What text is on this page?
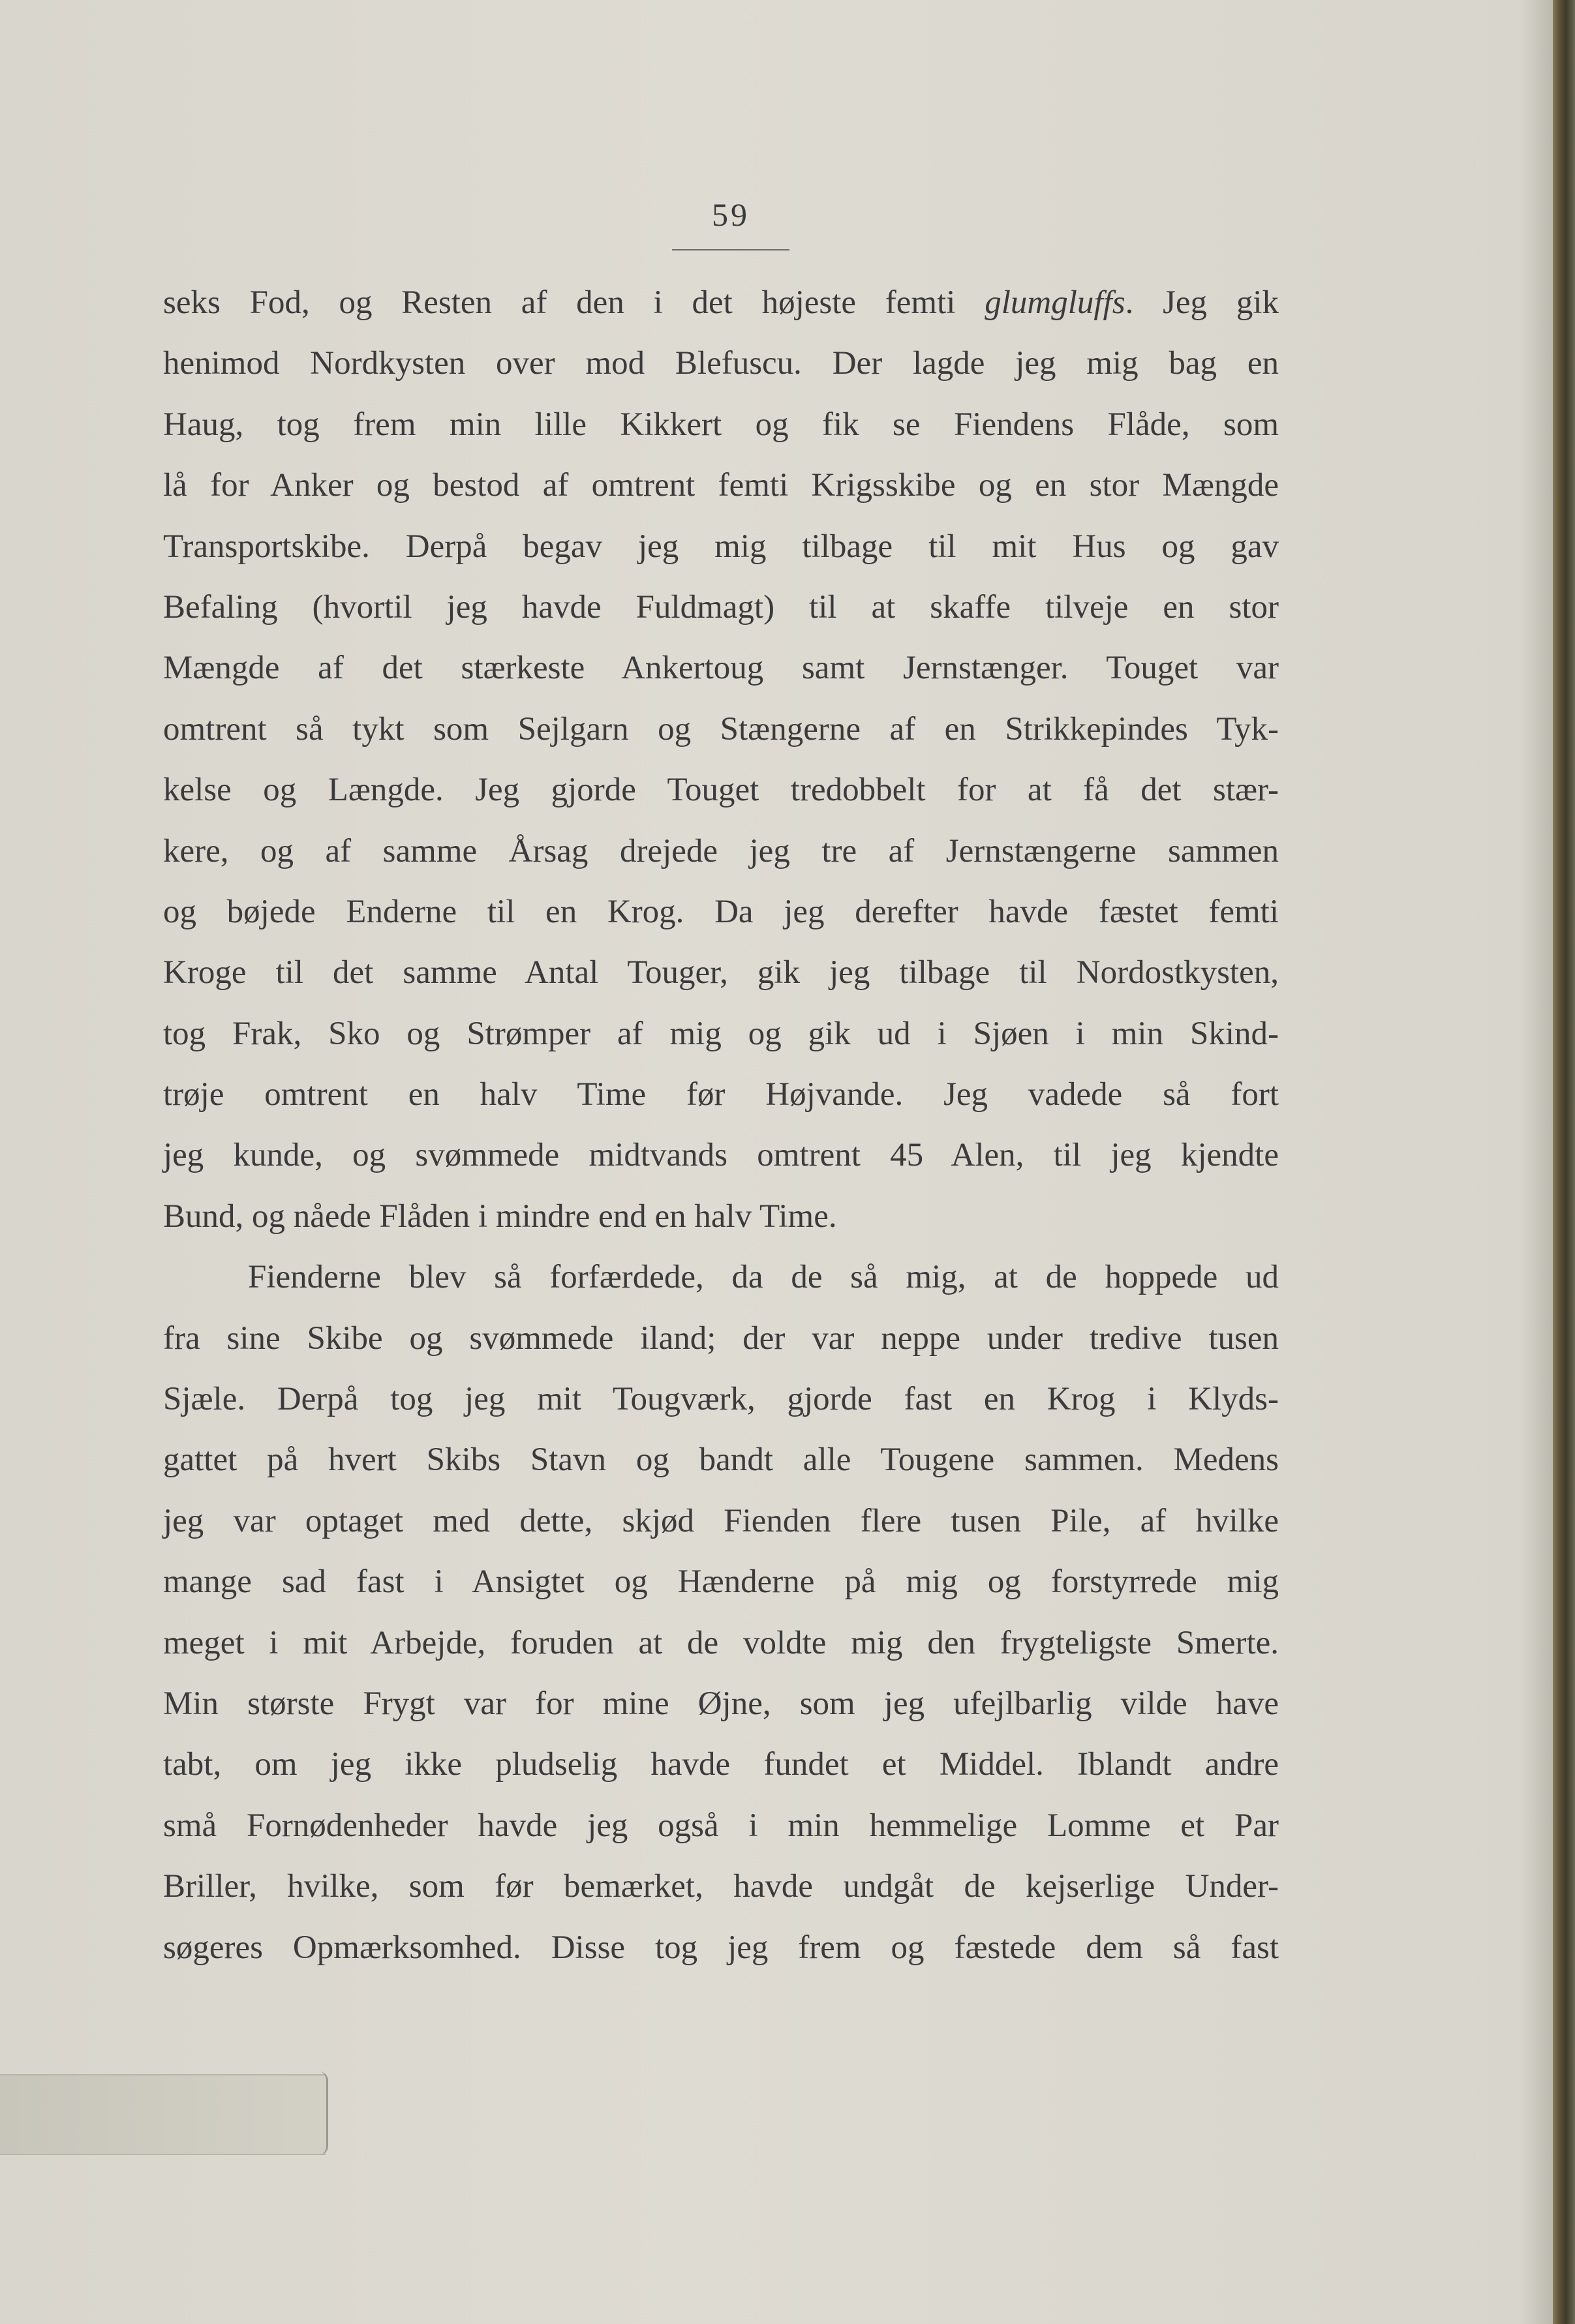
59
seks Fod, og Resten af den i det højeste femti glumgluffs. Jeg gik
henimod Nordkysten over mod Blefuscu. Der lagde jeg mig bag en
Haug, tog frem min lille Kikkert og fik se Fiendens Flåde, som
lå for Anker og bestod af omtrent femti Krigsskibe og en stor Mængde
Transportskibe. Derpå begav jeg mig tilbage til mit Hus og gav
Befaling (hvortil jeg havde Fuldmagt) til at skaffe tilveje en stor
Mængde af det stærkeste Ankertoug samt Jernstænger. Touget var
omtrent så tykt som Sejlgarn og Stængerne af en Strikkepindes Tyk-
kelse og Længde. Jeg gjorde Touget tredobbelt for at få det stær-
kere, og af samme Årsag drejede jeg tre af Jernstængerne sammen
og bøjede Enderne til en Krog. Da jeg derefter havde fæstet femti
Kroge til det samme Antal Touger, gik jeg tilbage til Nordostkysten,
tog Frak, Sko og Strømper af mig og gik ud i Sjøen i min Skind-
trøje omtrent en halv Time før Højvande. Jeg vadede så fort
jeg kunde, og svømmede midtvands omtrent 45 Alen, til jeg kjendte
Bund, og nåede Flåden i mindre end en halv Time.
Fienderne blev så forfærdede, da de så mig, at de hoppede ud
fra sine Skibe og svømmede iland; der var neppe under tredive tusen
Sjæle. Derpå tog jeg mit Tougværk, gjorde fast en Krog i Klyds-
gattet på hvert Skibs Stavn og bandt alle Tougene sammen. Medens
jeg var optaget med dette, skjød Fienden flere tusen Pile, af hvilke
mange sad fast i Ansigtet og Hænderne på mig og forstyrrede mig
meget i mit Arbejde, foruden at de voldte mig den frygteligste Smerte.
Min største Frygt var for mine Øjne, som jeg ufejlbarlig vilde have
tabt, om jeg ikke pludselig havde fundet et Middel. Iblandt andre
små Fornødenheder havde jeg også i min hemmelige Lomme et Par
Briller, hvilke, som før bemærket, havde undgåt de kejserlige Under-
søgeres Opmærksomhed. Disse tog jeg frem og fæstede dem så fast
